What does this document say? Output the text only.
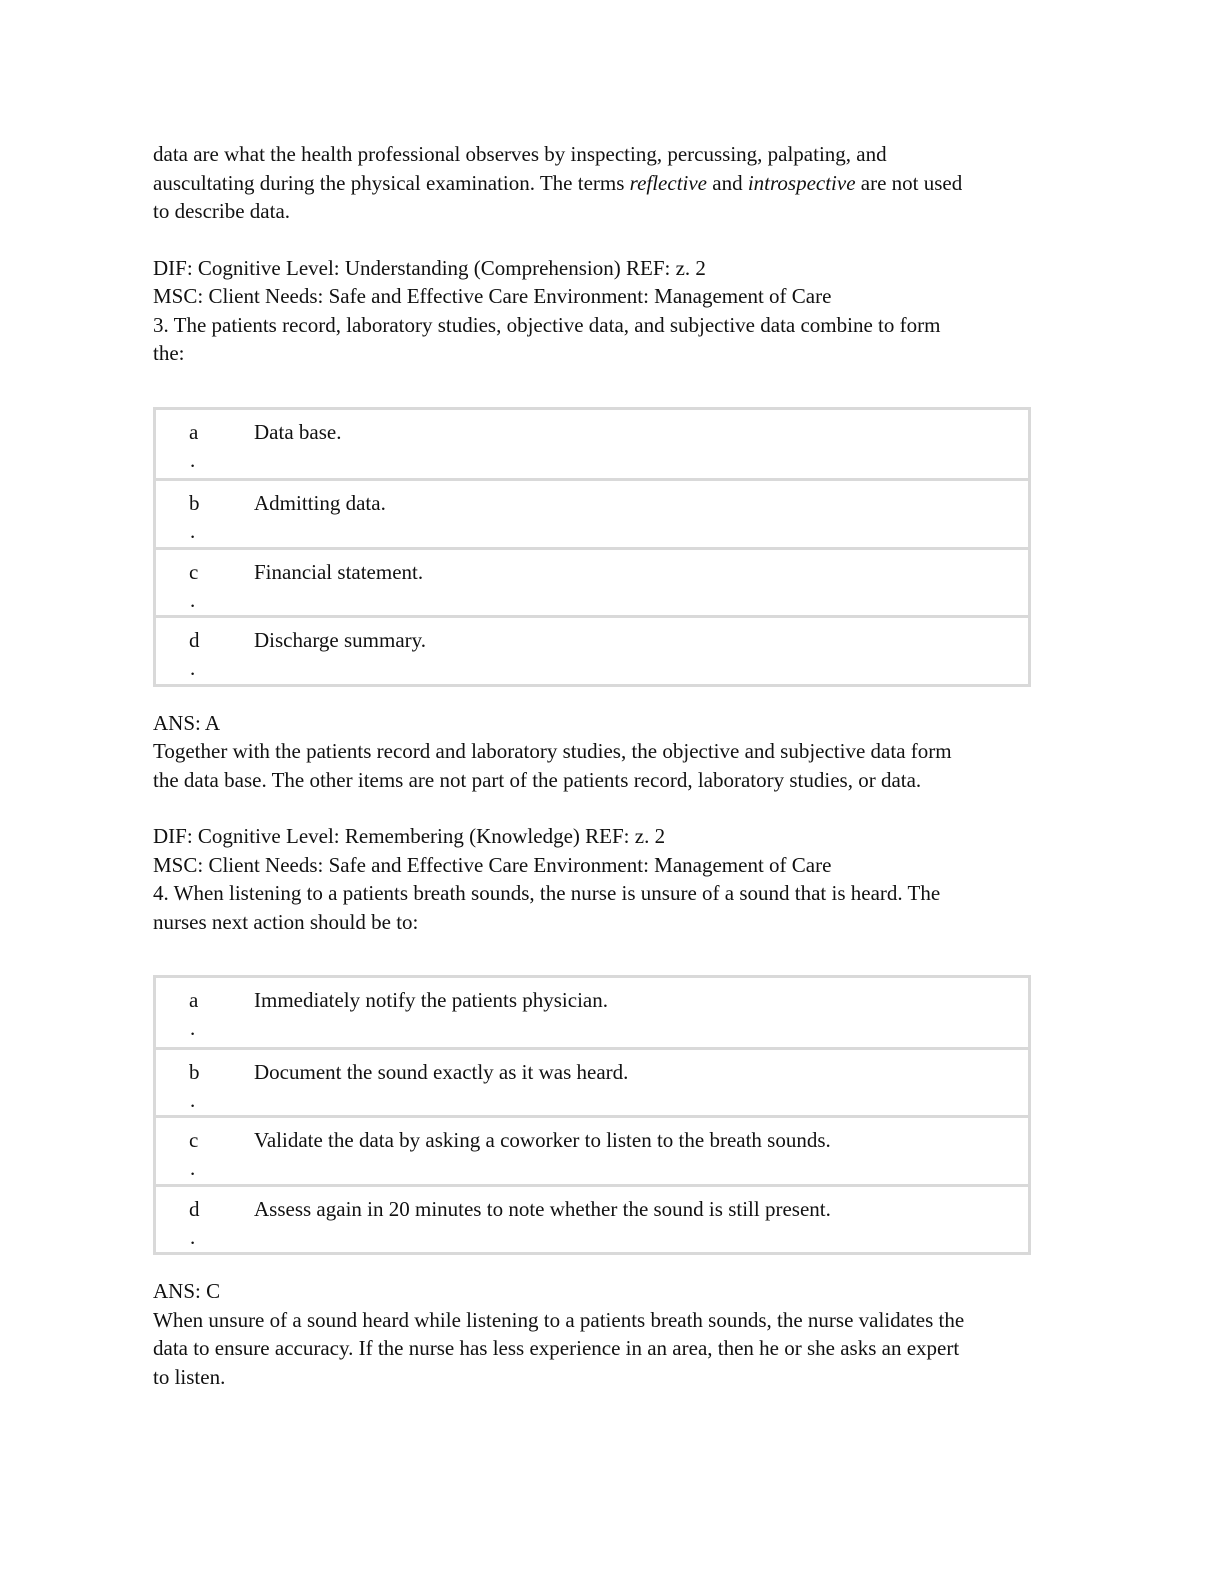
data are what the health professional observes by inspecting, percussing, palpating, and
auscultating during the physical examination. The terms reflective and introspective are not used
to describe data.

DIF: Cognitive Level: Understanding (Comprehension) REF: z. 2
MSC: Client Needs: Safe and Effective Care Environment: Management of Care

3. The patients record, laboratory studies, objective data, and subjective data combine to form
the:

a
.
Data base.
b
.
Admitting data.
c
.
Financial statement.
d
.
Discharge summary.

ANS: A
Together with the patients record and laboratory studies, the objective and subjective data form
the data base. The other items are not part of the patients record, laboratory studies, or data.

DIF: Cognitive Level: Remembering (Knowledge) REF: z. 2
MSC: Client Needs: Safe and Effective Care Environment: Management of Care

4. When listening to a patients breath sounds, the nurse is unsure of a sound that is heard. The
nurses next action should be to:

a
.
Immediately notify the patients physician.
b
.
Document the sound exactly as it was heard.
c
.
Validate the data by asking a coworker to listen to the breath sounds.
d
.
Assess again in 20 minutes to note whether the sound is still present.

ANS: C
When unsure of a sound heard while listening to a patients breath sounds, the nurse validates the
data to ensure accuracy. If the nurse has less experience in an area, then he or she asks an expert
to listen.
